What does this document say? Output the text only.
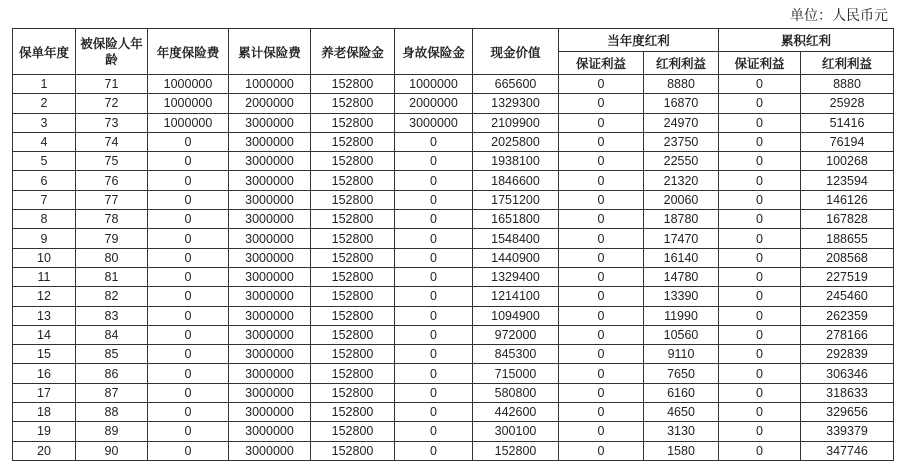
单位：人民币元
保单年度	被保险人年龄	年度保险费	累计保险费	养老保险金	身故保险金	现金价值	当年度红利		累积红利	
							保证利益	红利利益	保证利益	红利利益
1	71	1000000	1000000	152800	1000000	665600	0	8880	0	8880
2	72	1000000	2000000	152800	2000000	1329300	0	16870	0	25928
3	73	1000000	3000000	152800	3000000	2109900	0	24970	0	51416
4	74	0	3000000	152800	0	2025800	0	23750	0	76194
5	75	0	3000000	152800	0	1938100	0	22550	0	100268
6	76	0	3000000	152800	0	1846600	0	21320	0	123594
7	77	0	3000000	152800	0	1751200	0	20060	0	146126
8	78	0	3000000	152800	0	1651800	0	18780	0	167828
9	79	0	3000000	152800	0	1548400	0	17470	0	188655
10	80	0	3000000	152800	0	1440900	0	16140	0	208568
11	81	0	3000000	152800	0	1329400	0	14780	0	227519
12	82	0	3000000	152800	0	1214100	0	13390	0	245460
13	83	0	3000000	152800	0	1094900	0	11990	0	262359
14	84	0	3000000	152800	0	972000	0	10560	0	278166
15	85	0	3000000	152800	0	845300	0	9110	0	292839
16	86	0	3000000	152800	0	715000	0	7650	0	306346
17	87	0	3000000	152800	0	580800	0	6160	0	318633
18	88	0	3000000	152800	0	442600	0	4650	0	329656
19	89	0	3000000	152800	0	300100	0	3130	0	339379
20	90	0	3000000	152800	0	152800	0	1580	0	347746
